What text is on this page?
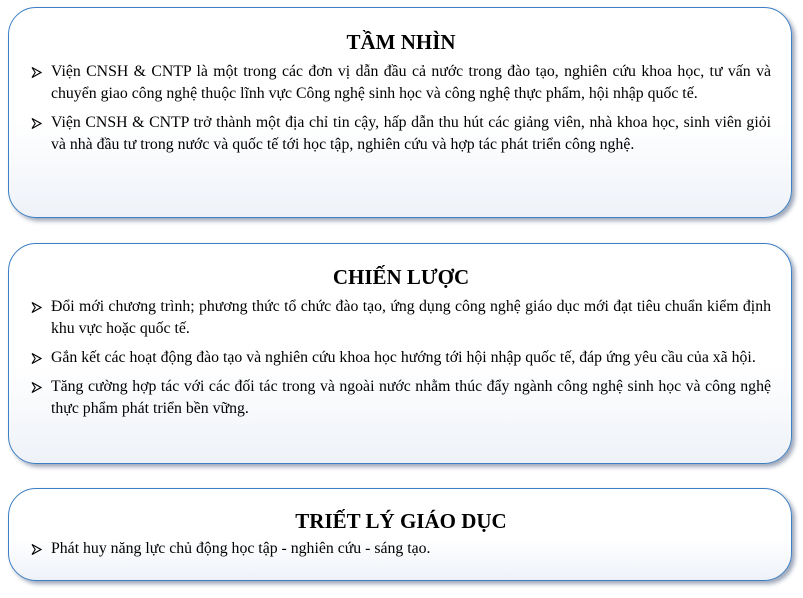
TẦM NHÌN
Viện CNSH & CNTP là một trong các đơn vị dẫn đầu cả nước trong đào tạo, nghiên cứu khoa học, tư vấn và chuyển giao công nghệ thuộc lĩnh vực Công nghệ sinh học và công nghệ thực phẩm, hội nhập quốc tế.
Viện CNSH & CNTP trở thành một địa chỉ tin cậy, hấp dẫn thu hút các giảng viên, nhà khoa học, sinh viên giỏi và nhà đầu tư trong nước và quốc tế tới học tập, nghiên cứu và hợp tác phát triển công nghệ.
CHIẾN LƯỢC
Đổi mới chương trình; phương thức tổ chức đào tạo, ứng dụng công nghệ giáo dục mới đạt tiêu chuẩn kiểm định khu vực hoặc quốc tế.
Gắn kết các hoạt động đào tạo và nghiên cứu khoa học hướng tới hội nhập quốc tế, đáp ứng yêu cầu của xã hội.
Tăng cường hợp tác với các đối tác trong và ngoài nước nhằm thúc đẩy ngành công nghệ sinh học và công nghệ thực phẩm phát triển bền vững.
TRIẾT LÝ GIÁO DỤC
Phát huy năng lực chủ động học tập - nghiên cứu - sáng tạo.
